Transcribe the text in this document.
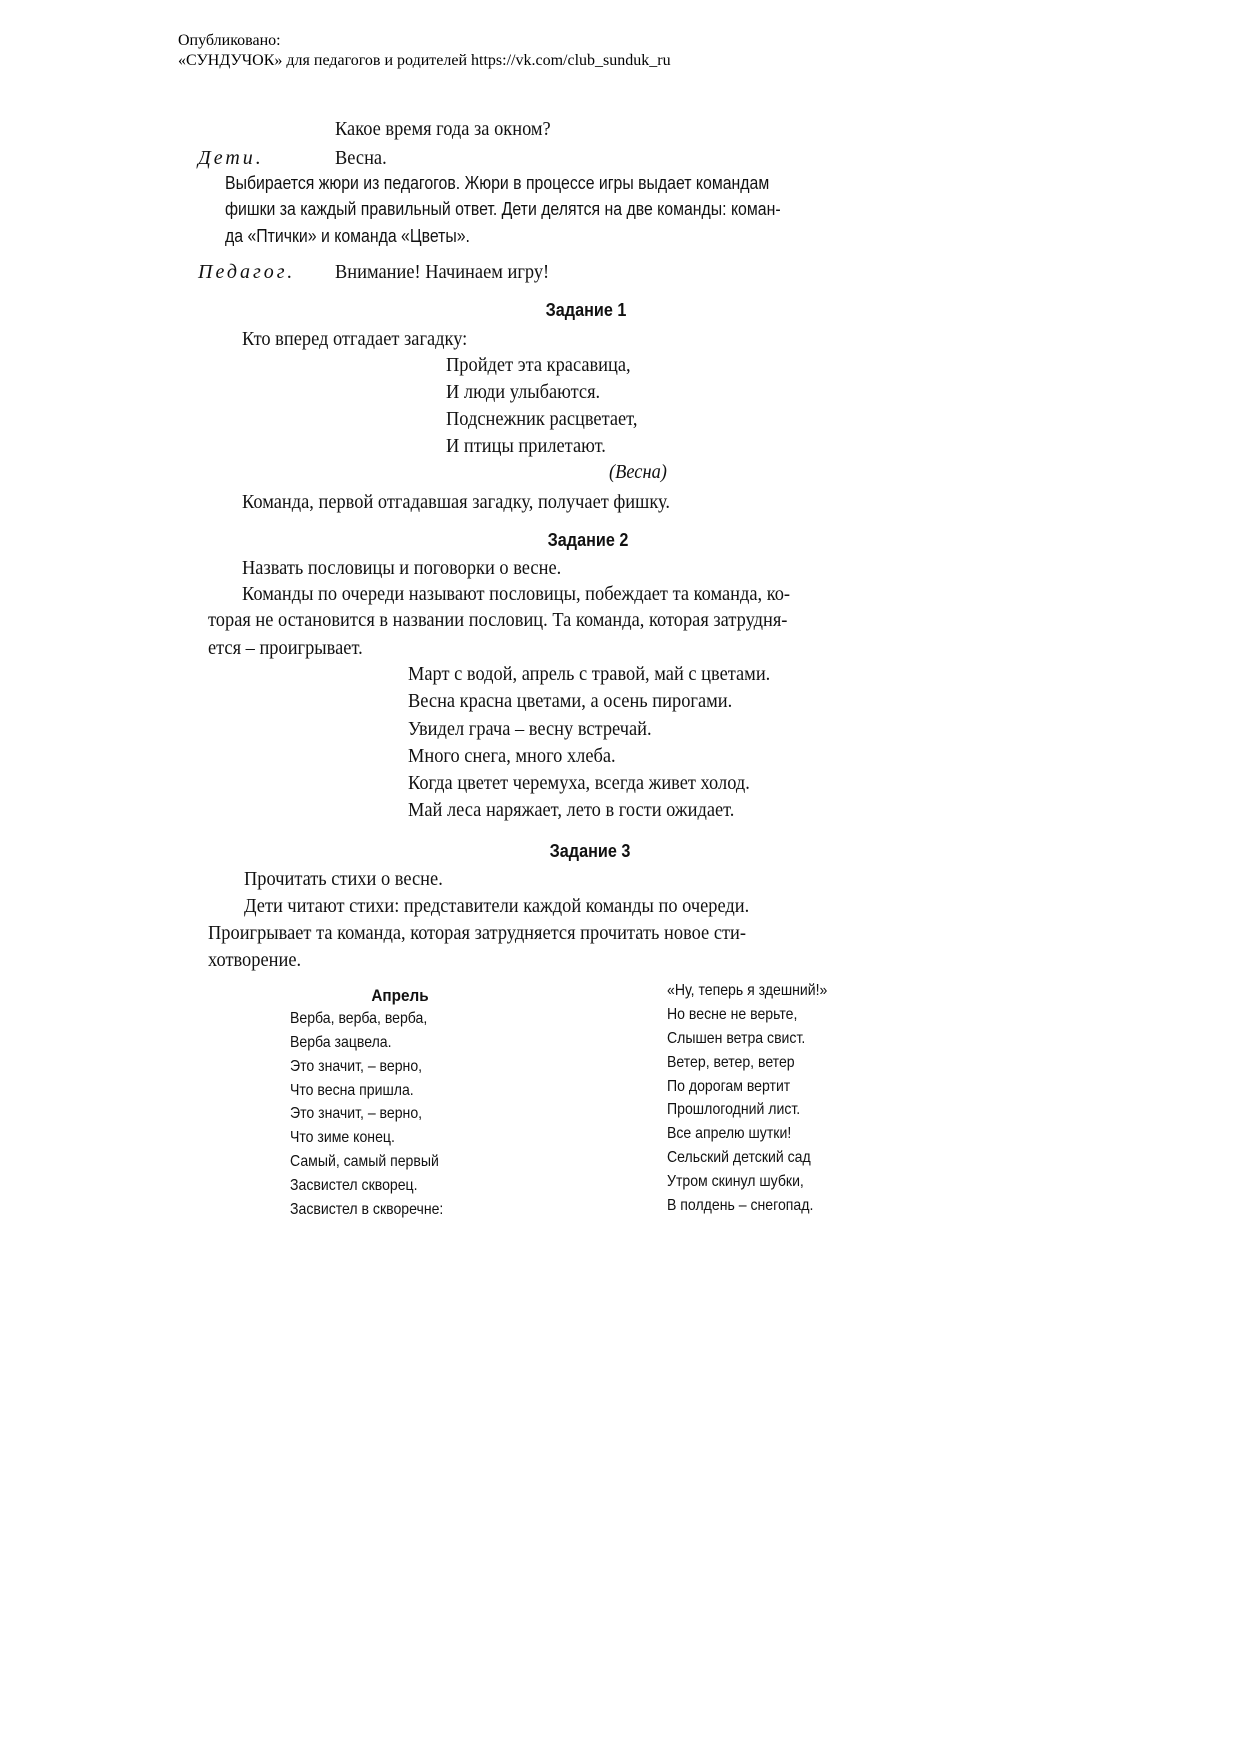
Опубликовано:
«СУНДУЧОК» для педагогов и родителей https://vk.com/club_sunduk_ru
Какое время года за окном?
Дети.	Весна.
Выбирается жюри из педагогов. Жюри в процессе игры выдает командам
фишки за каждый правильный ответ. Дети делятся на две команды: коман-
да «Птички» и команда «Цветы».
Педагог. Внимание! Начинаем игру!
Задание 1
Кто вперед отгадает загадку:
Пройдет эта красавица,
И люди улыбаются.
Подснежник расцветает,
И птицы прилетают.
(Весна)
Команда, первой отгадавшая загадку, получает фишку.
Задание 2
Назвать пословицы и поговорки о весне.
Команды по очереди называют пословицы, побеждает та команда, ко-
торая не остановится в названии пословиц. Та команда, которая затрудня-
ется – проигрывает.
Март с водой, апрель с травой, май с цветами.
Весна красна цветами, а осень пирогами.
Увидел грача – весну встречай.
Много снега, много хлеба.
Когда цветет черемуха, всегда живет холод.
Май леса наряжает, лето в гости ожидает.
Задание 3
Прочитать стихи о весне.
Дети читают стихи: представители каждой команды по очереди.
Проигрывает та команда, которая затрудняется прочитать новое сти-
хотворение.
Апрель
Верба, верба, верба,
Верба зацвела.
Это значит, – верно,
Что весна пришла.
Это значит, – верно,
Что зиме конец.
Самый, самый первый
Засвистел скворец.
Засвистел в скворечне:
«Ну, теперь я здешний!»
Но весне не верьте,
Слышен ветра свист.
Ветер, ветер, ветер
По дорогам вертит
Прошлогодний лист.
Все апрелю шутки!
Сельский детский сад
Утром скинул шубки,
В полдень – снегопад.
